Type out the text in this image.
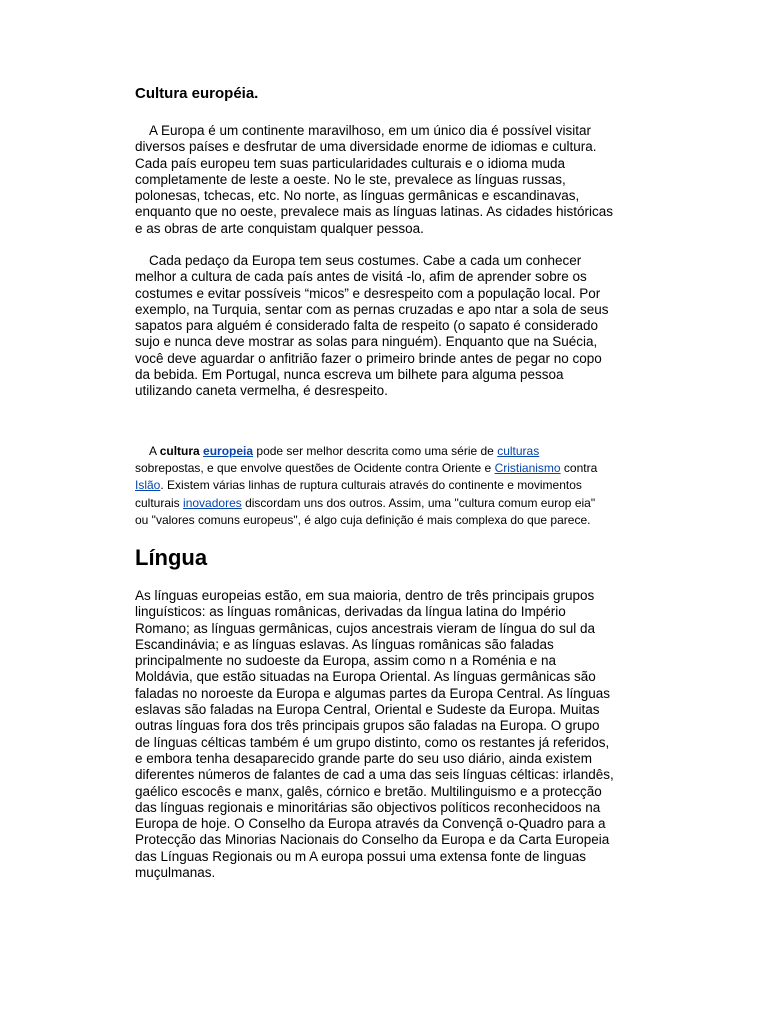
Cultura européia.
A Europa é um continente maravilhoso, em um único dia é possível visitar
diversos países e desfrutar de uma diversidade enorme de idiomas e cultura.
Cada país europeu tem suas particularidades culturais e o idioma muda
completamente de leste a oeste. No le ste, prevalece as línguas russas,
polonesas, tchecas, etc. No norte, as línguas germânicas e escandinavas,
enquanto que no oeste, prevalece mais as línguas latinas. As cidades históricas
e as obras de arte conquistam qualquer pessoa.
Cada pedaço da Europa tem seus costumes. Cabe a cada um conhecer
melhor a cultura de cada país antes de visitá -lo, afim de aprender sobre os
costumes e evitar possíveis “micos” e desrespeito com a população local. Por
exemplo, na Turquia, sentar com as pernas cruzadas e apo ntar a sola de seus
sapatos para alguém é considerado falta de respeito (o sapato é considerado
sujo e nunca deve mostrar as solas para ninguém). Enquanto que na Suécia,
você deve aguardar o anfitrião fazer o primeiro brinde antes de pegar no copo
da bebida. Em Portugal, nunca escreva um bilhete para alguma pessoa
utilizando caneta vermelha, é desrespeito.
A cultura europeia pode ser melhor descrita como uma série de culturas
sobrepostas, e que envolve questões de Ocidente contra Oriente e Cristianismo contra
Islão. Existem várias linhas de ruptura culturais através do continente e movimentos
culturais inovadores discordam uns dos outros. Assim, uma "cultura comum europ eia"
ou "valores comuns europeus", é algo cuja definição é mais complexa do que parece.
Língua
As línguas europeias estão, em sua maioria, dentro de três principais grupos
linguísticos: as línguas românicas, derivadas da língua latina do Império
Romano; as línguas germânicas, cujos ancestrais vieram de língua do sul da
Escandinávia; e as línguas eslavas. As línguas românicas são faladas
principalmente no sudoeste da Europa, assim como n a Roménia e na
Moldávia, que estão situadas na Europa Oriental. As línguas germânicas são
faladas no noroeste da Europa e algumas partes da Europa Central. As línguas
eslavas são faladas na Europa Central, Oriental e Sudeste da Europa. Muitas
outras línguas fora dos três principais grupos são faladas na Europa. O grupo
de línguas célticas também é um grupo distinto, como os restantes já referidos,
e embora tenha desaparecido grande parte do seu uso diário, ainda existem
diferentes números de falantes de cad a uma das seis línguas célticas: irlandês,
gaélico escocês e manx, galês, córnico e bretão. Multilinguismo e a protecção
das línguas regionais e minoritárias são objectivos políticos reconhecidoos na
Europa de hoje. O Conselho da Europa através da Convençã o-Quadro para a
Protecção das Minorias Nacionais do Conselho da Europa e da Carta Europeia
das Línguas Regionais ou m A europa possui uma extensa fonte de linguas
muçulmanas.
